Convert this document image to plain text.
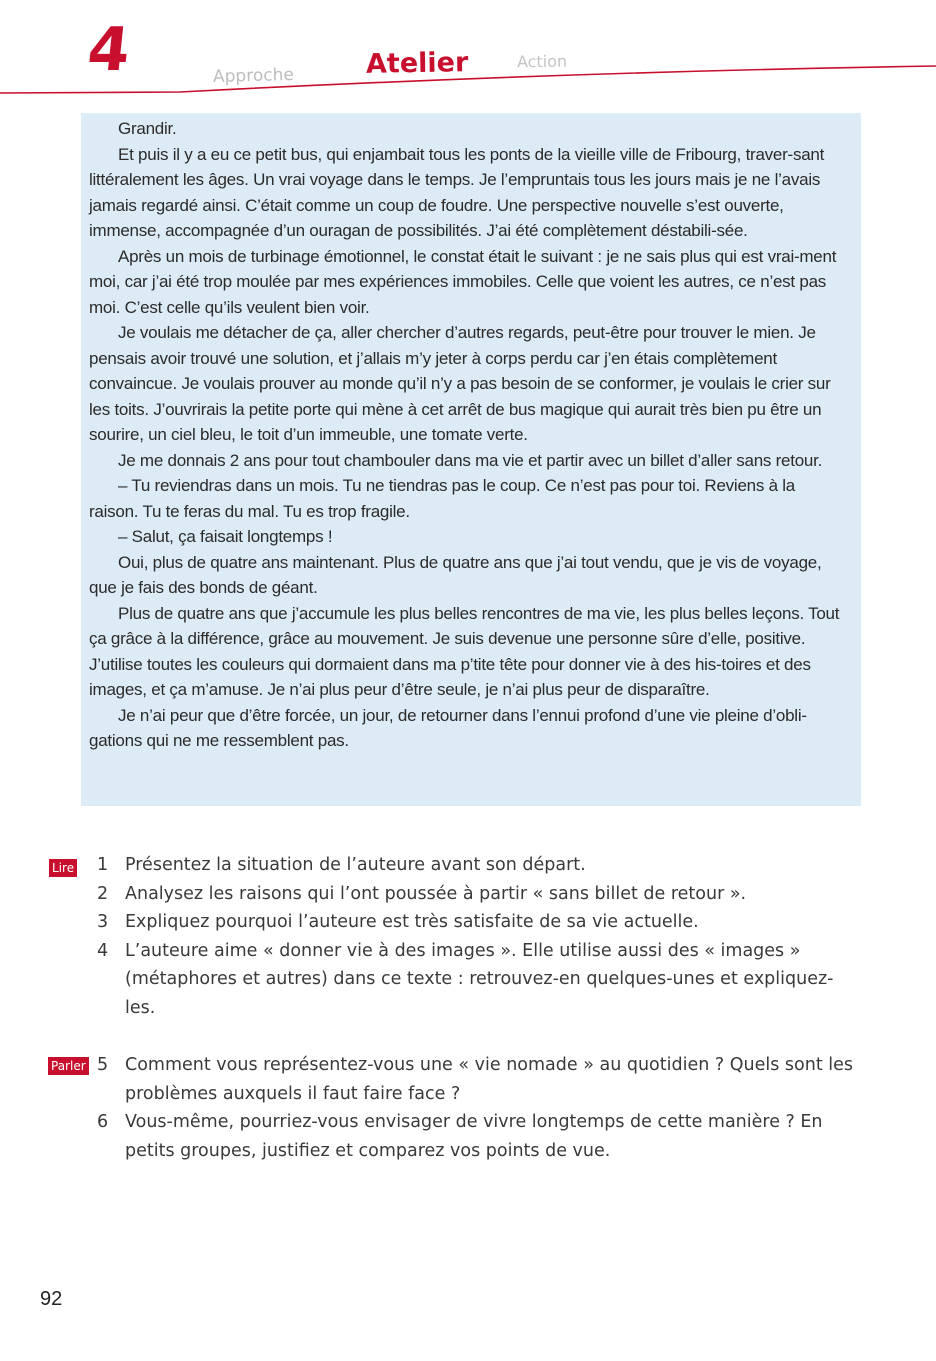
4	Approche	Atelier	Action

Grandir.

Et puis il y a eu ce petit bus, qui enjambait tous les ponts de la vieille ville de Fribourg, traver-sant littéralement les âges. Un vrai voyage dans le temps. Je l’empruntais tous les jours mais je ne l’avais jamais regardé ainsi. C’était comme un coup de foudre. Une perspective nouvelle s’est ouverte, immense, accompagnée d’un ouragan de possibilités. J’ai été complètement déstabili-sée.

Après un mois de turbinage émotionnel, le constat était le suivant : je ne sais plus qui est vrai-ment moi, car j’ai été trop moulée par mes expériences immobiles. Celle que voient les autres, ce n’est pas moi. C’est celle qu’ils veulent bien voir.

Je voulais me détacher de ça, aller chercher d’autres regards, peut-être pour trouver le mien. Je pensais avoir trouvé une solution, et j’allais m’y jeter à corps perdu car j’en étais complètement convaincue. Je voulais prouver au monde qu’il n’y a pas besoin de se conformer, je voulais le crier sur les toits. J’ouvrirais la petite porte qui mène à cet arrêt de bus magique qui aurait très bien pu être un sourire, un ciel bleu, le toit d’un immeuble, une tomate verte.

Je me donnais 2 ans pour tout chambouler dans ma vie et partir avec un billet d’aller sans retour.

– Tu reviendras dans un mois. Tu ne tiendras pas le coup. Ce n’est pas pour toi. Reviens à la raison. Tu te feras du mal. Tu es trop fragile.

– Salut, ça faisait longtemps !

Oui, plus de quatre ans maintenant. Plus de quatre ans que j’ai tout vendu, que je vis de voyage, que je fais des bonds de géant.

Plus de quatre ans que j’accumule les plus belles rencontres de ma vie, les plus belles leçons. Tout ça grâce à la différence, grâce au mouvement. Je suis devenue une personne sûre d’elle, positive. J’utilise toutes les couleurs qui dormaient dans ma p’tite tête pour donner vie à des his-toires et des images, et ça m’amuse. Je n’ai plus peur d’être seule, je n’ai plus peur de disparaître.

Je n’ai peur que d’être forcée, un jour, de retourner dans l’ennui profond d’une vie pleine d’obli-gations qui ne me ressemblent pas.

Lire
Parler
1 Présentez la situation de l’auteure avant son départ.
2 Analysez les raisons qui l’ont poussée à partir « sans billet de retour ».
3 Expliquez pourquoi l’auteure est très satisfaite de sa vie actuelle.
4 L’auteure aime « donner vie à des images ». Elle utilise aussi des « images » (métaphores et autres) dans ce texte : retrouvez-en quelques-unes et expliquez-les.
5 Comment vous représentez-vous une « vie nomade » au quotidien ? Quels sont les problèmes auxquels il faut faire face ?
6 Vous-même, pourriez-vous envisager de vivre longtemps de cette manière ? En petits groupes, justifiez et comparez vos points de vue.
92
